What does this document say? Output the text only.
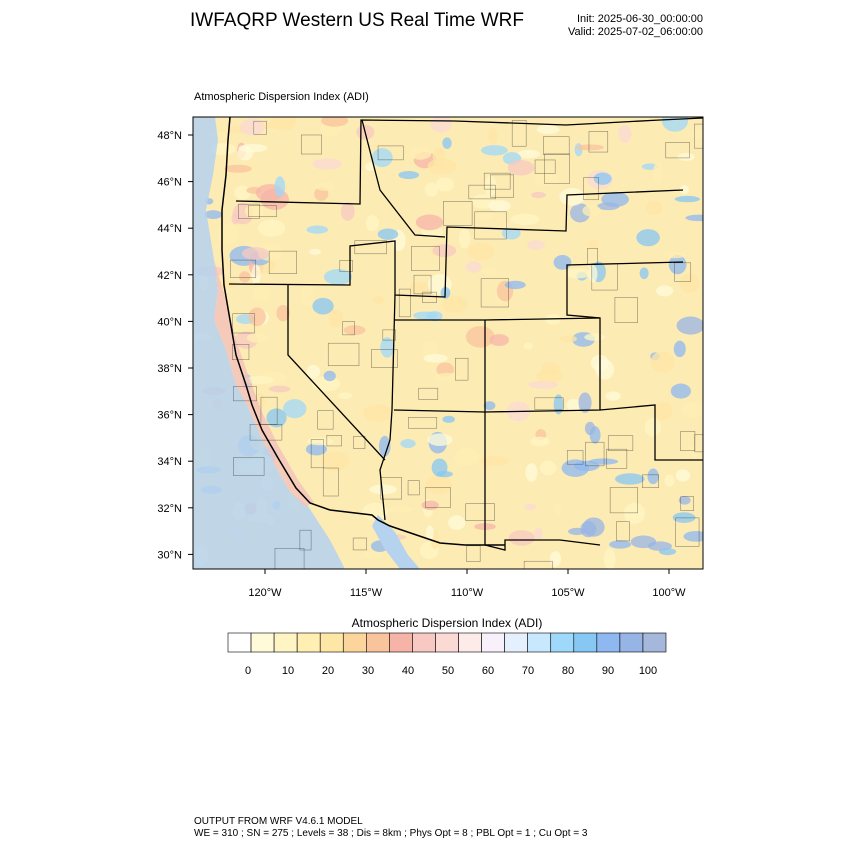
IWFAQRP Western US Real Time WRF	Init: 2025-06-30_00:00:00
Valid: 2025-07-02_06:00:00
Atmospheric Dispersion Index (ADI)
48°N
46°N
44°N
42°N
40°N
38°N
36°N
34°N
32°N
30°N
120°W	115°W	110°W	105°W	100°W
0	10	20	30	40	50	60	70	80	90 100
Atmospheric Dispersion Index (ADI)
OUTPUT FROM WRF V4.6.1 MODEL
WE = 310 ; SN = 275 ; Levels = 38 ; Dis = 8km ; Phys Opt = 8 ; PBL Opt = 1 ; Cu Opt = 3
